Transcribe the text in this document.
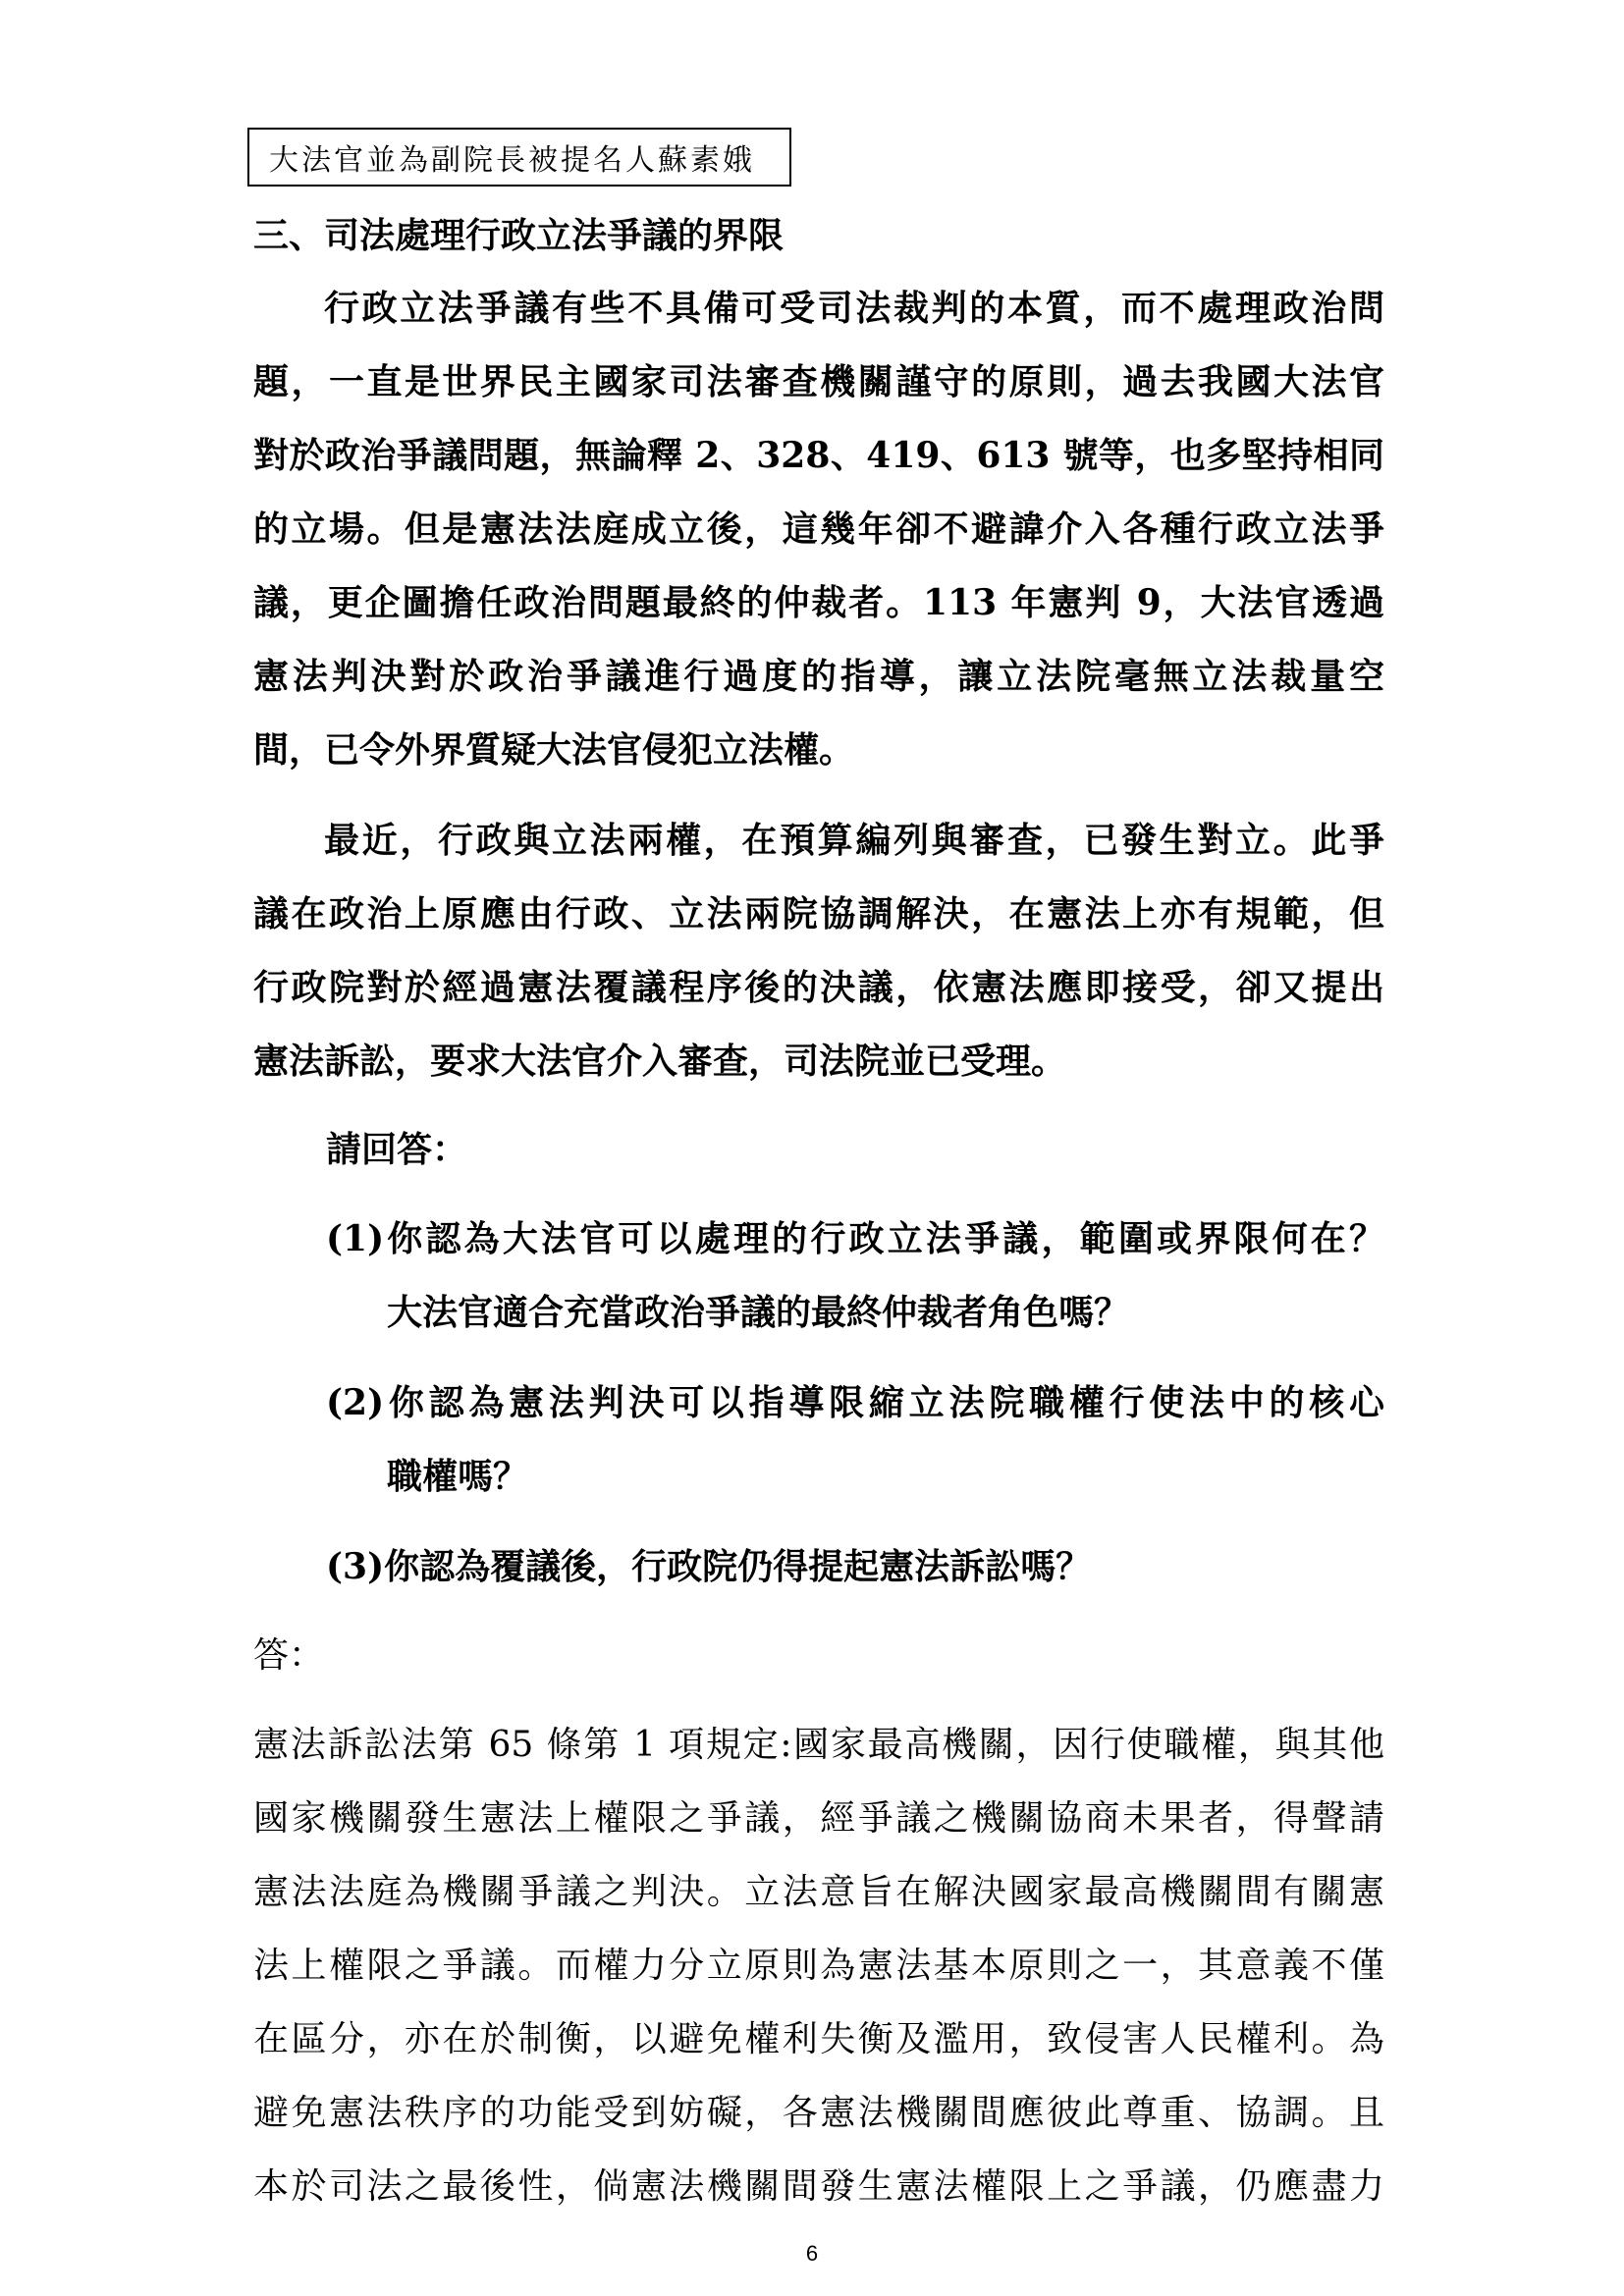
大法官並為副院長被提名人蘇素娥
三、司法處理行政立法爭議的界限
行政立法爭議有些不具備可受司法裁判的本質，而不處理政治問
題，一直是世界民主國家司法審查機關謹守的原則，過去我國大法官
對於政治爭議問題，無論釋 2、328、419、613 號等，也多堅持相同
的立場。但是憲法法庭成立後，這幾年卻不避諱介入各種行政立法爭
議，更企圖擔任政治問題最終的仲裁者。113 年憲判 9，大法官透過
憲法判決對於政治爭議進行過度的指導，讓立法院毫無立法裁量空
間，已令外界質疑大法官侵犯立法權。
最近，行政與立法兩權，在預算編列與審查，已發生對立。此爭
議在政治上原應由行政、立法兩院協調解決，在憲法上亦有規範，但
行政院對於經過憲法覆議程序後的決議，依憲法應即接受，卻又提出
憲法訴訟，要求大法官介入審查，司法院並已受理。
請回答：
(1)你認為大法官可以處理的行政立法爭議，範圍或界限何在？
大法官適合充當政治爭議的最終仲裁者角色嗎？
(2)你認為憲法判決可以指導限縮立法院職權行使法中的核心
職權嗎？
(3)你認為覆議後，行政院仍得提起憲法訴訟嗎？
答：
憲法訴訟法第 65 條第 1 項規定:國家最高機關，因行使職權，與其他
國家機關發生憲法上權限之爭議，經爭議之機關協商未果者，得聲請
憲法法庭為機關爭議之判決。立法意旨在解決國家最高機關間有關憲
法上權限之爭議。而權力分立原則為憲法基本原則之一，其意義不僅
在區分，亦在於制衡，以避免權利失衡及濫用，致侵害人民權利。為
避免憲法秩序的功能受到妨礙，各憲法機關間應彼此尊重、協調。且
本於司法之最後性，倘憲法機關間發生憲法權限上之爭議，仍應盡力
6
